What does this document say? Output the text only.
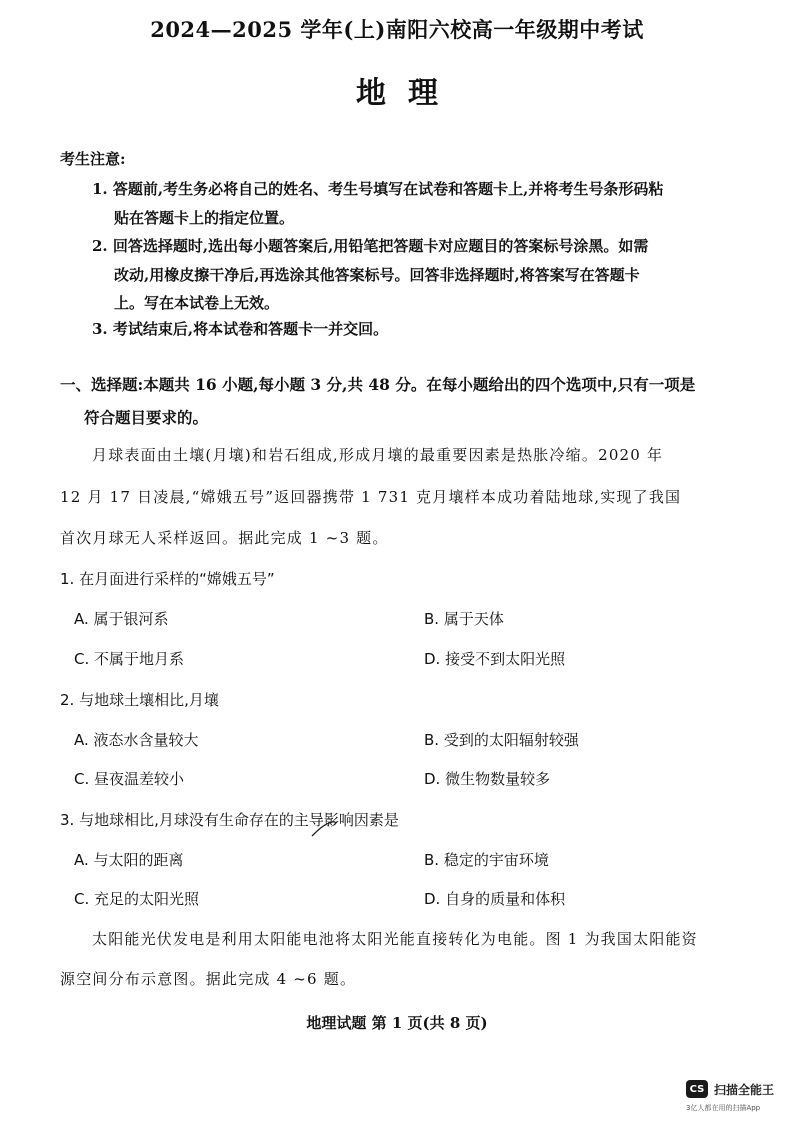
2024—2025 学年(上)南阳六校高一年级期中考试
地理
考生注意:
1. 答题前,考生务必将自己的姓名、考生号填写在试卷和答题卡上,并将考生号条形码粘
贴在答题卡上的指定位置。
2. 回答选择题时,选出每小题答案后,用铅笔把答题卡对应题目的答案标号涂黑。如需
改动,用橡皮擦干净后,再选涂其他答案标号。回答非选择题时,将答案写在答题卡
上。写在本试卷上无效。
3. 考试结束后,将本试卷和答题卡一并交回。
一、选择题:本题共 16 小题,每小题 3 分,共 48 分。在每小题给出的四个选项中,只有一项是
符合题目要求的。
月球表面由土壤(月壤)和岩石组成,形成月壤的最重要因素是热胀冷缩。2020 年
12 月 17 日凌晨,“嫦娥五号”返回器携带 1 731 克月壤样本成功着陆地球,实现了我国
首次月球无人采样返回。据此完成 1 ~3 题。
1. 在月面进行采样的“嫦娥五号”
A. 属于银河系	B. 属于天体
C. 不属于地月系	D. 接受不到太阳光照
2. 与地球土壤相比,月壤
A. 液态水含量较大	B. 受到的太阳辐射较强
C. 昼夜温差较小	D. 微生物数量较多
3. 与地球相比,月球没有生命存在的主导影响因素是
A. 与太阳的距离	B. 稳定的宇宙环境
C. 充足的太阳光照	D. 自身的质量和体积
太阳能光伏发电是利用太阳能电池将太阳光能直接转化为电能。图 1 为我国太阳能资
源空间分布示意图。据此完成 4 ~6 题。
地理试题 第 1 页(共 8 页)
CS 扫描全能王
3亿人都在用的扫描App
